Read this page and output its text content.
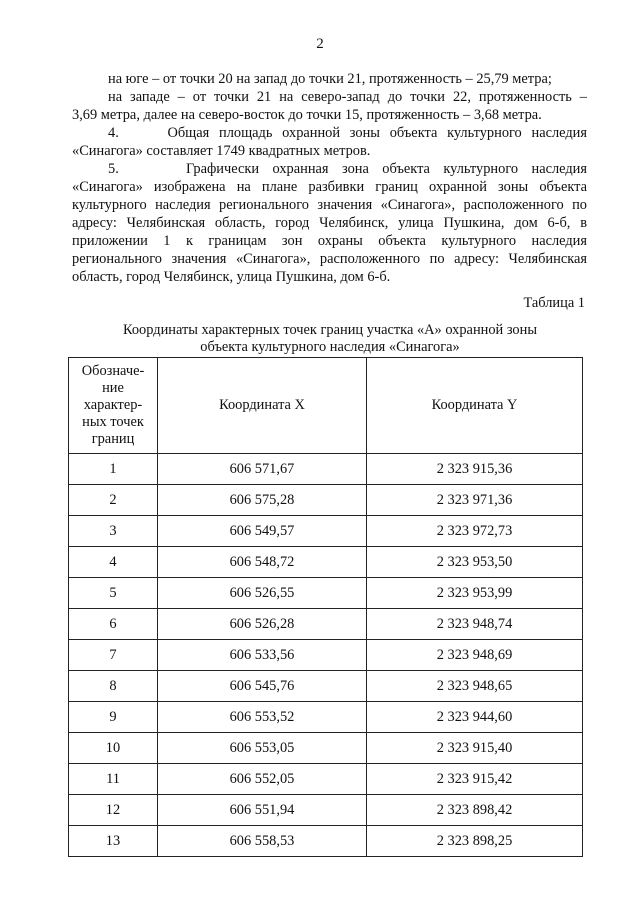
2
на юге – от точки 20 на запад до точки 21, протяженность – 25,79 метра;
на западе – от точки 21 на северо-запад до точки 22, протяженность –
3,69 метра, далее на северо-восток до точки 15, протяженность – 3,68 метра.
4.     Общая площадь охранной зоны объекта культурного наследия
«Синагога» составляет 1749 квадратных метров.
5.     Графически охранная зона объекта культурного наследия
«Синагога» изображена на плане разбивки границ охранной зоны объекта
культурного наследия регионального значения «Синагога», расположенного по
адресу: Челябинская область, город Челябинск, улица Пушкина, дом 6-б, в
приложении 1 к границам зон охраны объекта культурного наследия
регионального значения «Синагога», расположенного по адресу: Челябинская
область, город Челябинск, улица Пушкина, дом 6-б.
Таблица 1
Координаты характерных точек границ участка «А» охранной зоны
объекта культурного наследия «Синагога»
Обозначе-
ние
характер-
ных точек
границ	Координата X	Координата Y
1	606 571,67	2 323 915,36
2	606 575,28	2 323 971,36
3	606 549,57	2 323 972,73
4	606 548,72	2 323 953,50
5	606 526,55	2 323 953,99
6	606 526,28	2 323 948,74
7	606 533,56	2 323 948,69
8	606 545,76	2 323 948,65
9	606 553,52	2 323 944,60
10	606 553,05	2 323 915,40
11	606 552,05	2 323 915,42
12	606 551,94	2 323 898,42
13	606 558,53	2 323 898,25
